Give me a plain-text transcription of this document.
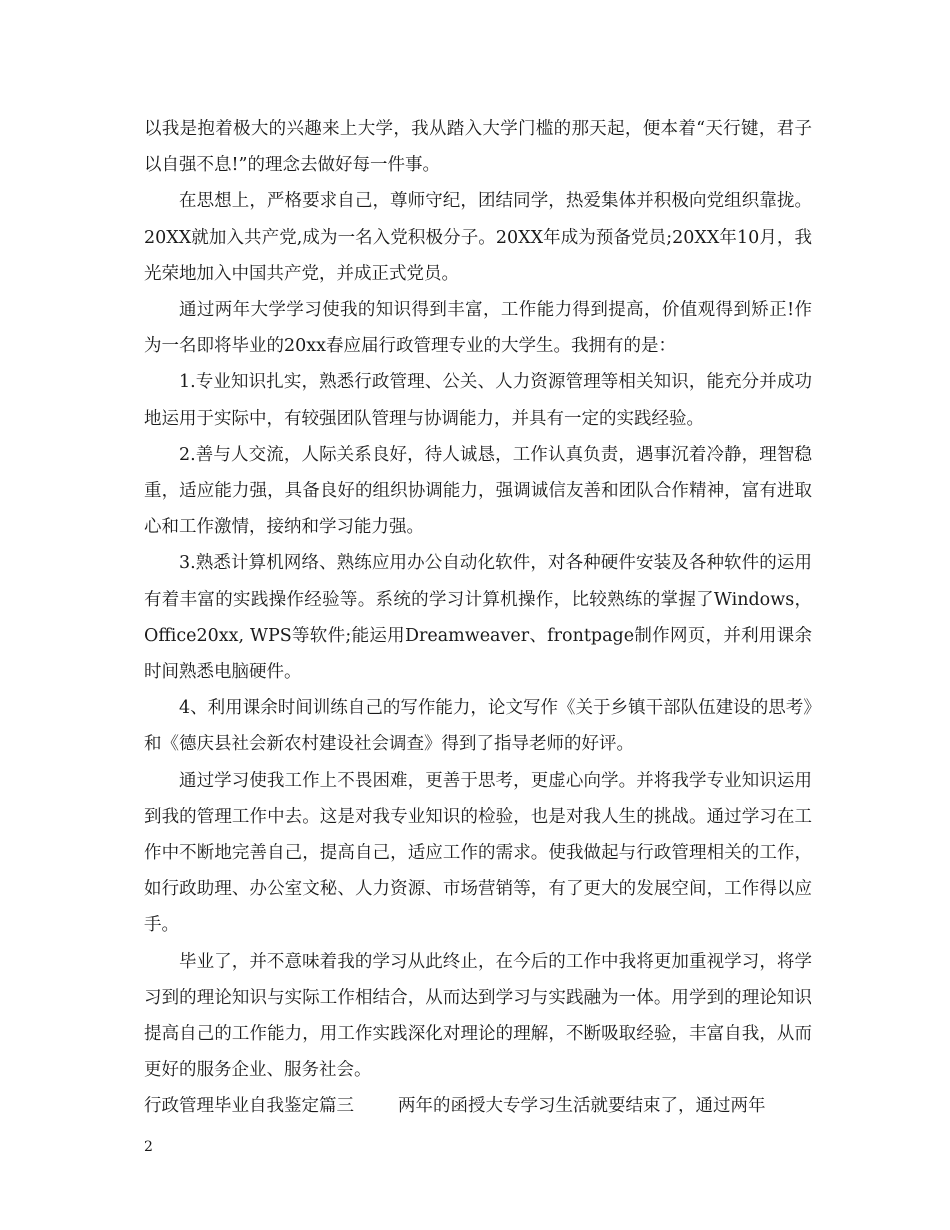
以我是抱着极大的兴趣来上大学，我从踏入大学门槛的那天起，便本着“天行键，君子以自强不息!”的理念去做好每一件事。

在思想上，严格要求自己，尊师守纪，团结同学，热爱集体并积极向党组织靠拢。20XX就加入共产党,成为一名入党积极分子。20XX年成为预备党员;20XX年10月，我光荣地加入中国共产党，并成正式党员。

通过两年大学学习使我的知识得到丰富，工作能力得到提高，价值观得到矫正!作为一名即将毕业的20xx春应届行政管理专业的大学生。我拥有的是：

1.专业知识扎实，熟悉行政管理、公关、人力资源管理等相关知识，能充分并成功地运用于实际中，有较强团队管理与协调能力，并具有一定的实践经验。

2.善与人交流，人际关系良好，待人诚恳，工作认真负责，遇事沉着冷静，理智稳重，适应能力强，具备良好的组织协调能力，强调诚信友善和团队合作精神，富有进取心和工作激情，接纳和学习能力强。

3.熟悉计算机网络、熟练应用办公自动化软件，对各种硬件安装及各种软件的运用有着丰富的实践操作经验等。系统的学习计算机操作，比较熟练的掌握了Windows， Office20xx, WPS等软件;能运用Dreamweaver、frontpage制作网页，并利用课余时间熟悉电脑硬件。

4、利用课余时间训练自己的写作能力，论文写作《关于乡镇干部队伍建设的思考》和《德庆县社会新农村建设社会调查》得到了指导老师的好评。

通过学习使我工作上不畏困难，更善于思考，更虚心向学。并将我学专业知识运用到我的管理工作中去。这是对我专业知识的检验，也是对我人生的挑战。通过学习在工作中不断地完善自己，提高自己，适应工作的需求。使我做起与行政管理相关的工作，如行政助理、办公室文秘、人力资源、市场营销等，有了更大的发展空间，工作得以应手。

毕业了，并不意味着我的学习从此终止，在今后的工作中我将更加重视学习，将学习到的理论知识与实际工作相结合，从而达到学习与实践融为一体。用学到的理论知识提高自己的工作能力，用工作实践深化对理论的理解，不断吸取经验，丰富自我，从而更好的服务企业、服务社会。

行政管理毕业自我鉴定篇三	两年的函授大专学习生活就要结束了，通过两年

2
